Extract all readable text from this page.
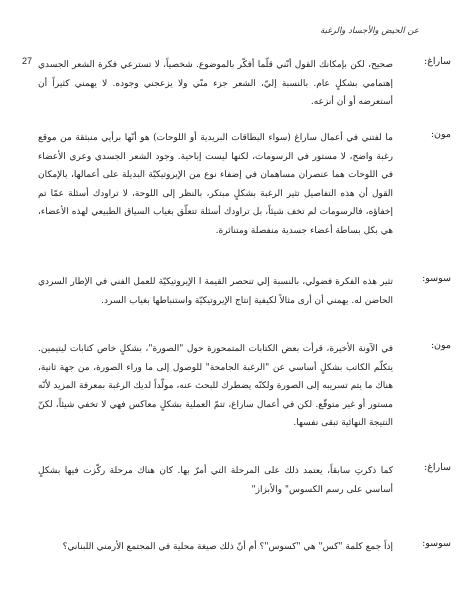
عن الحيض والأجساد والرغبة
27	ساراغ:
صحيح، لكن بإمكانك القول أنّني قلّما أفكّر بالموضوع. شخصياً، لا تسترعي فكرة الشعر الجسدي إهتمامي بشكلٍ عام. بالنسبة إليّ، الشعر جزء منّي ولا يزعجني وجوده. لا يهمني كثيراً أن أستعرضه أو أن أنزعه.
مون:
ما لفتني في أعمال ساراغ (سواء البطاقات البريدية أو اللوحات) هو أنّها برأيي منبثقة من موقع رغبة واضح، لا مستور في الرسومات، لكنها ليست إباحية. وجود الشعر الجسدي وعري الأعضاء في اللوحات هما عنصران مساهمان في إضفاء نوع من الإيروتيكيّة البديلة على أعمالها، بالإمكان القول أن هذه التفاصيل تثير الرغبة بشكلٍ مبتكر، بالنظر إلى اللوحة، لا تراودك أسئلة عمّا تم إخفاؤه، فالرسومات لم تخف شيئاً، بل تراودك أسئلة تتعلّق بغياب السياق الطبيعي لهذه الأعضاء، هي بكل بساطة أعضاء جسدية منفصلة ومتناثرة.
سوسو:
تثير هذه الفكرة فضولي، بالنسبة إلي تنحصر القيمة ا الإيروتيكيّة للعمل الفني في الإطار السردي الحاضن له. يهمني أن أرى مثالاً لكيفية إنتاج الإيروتيكيّة واستنباطها بغياب السرد.
مون:
في الآونة الأخيرة، قرأت بعض الكتابات المتمحورة حول "الصورة"، بشكلٍ خاص كتابات ليتيمين. يتكلّم الكاتب بشكلٍ أساسي عن "الرغبة الجامحة" للوصول إلى ما وراء الصورة، من جهة ثانية، هناك ما يتم تسريبه إلى الصورة ولكنّه يضطرك للبحث عنه، مولّداً لديك الرغبة بمعرفة المزيد لأنّه مستور أو غير متوقّع. لكن في أعمال ساراغ، تتمّ العملية بشكلٍ معاكس فهي لا تخفي شيئاً، لكنّ النتيجة النهائية تبقى نفسها.
ساراغ:
كما ذكرتِ سابقاً، يعتمد ذلك على المرحلة التي أمرّ بها. كان هناك مرحلة ركّزت فيها بشكلٍ أساسي على رسم الكسوس" والأبزاز"
سوسو:
إذاً جمع كلمة "كس" هي "كسوس"؟ أم أنّ ذلك صيغة محلية في المجتمع الأرمني اللبناني؟
